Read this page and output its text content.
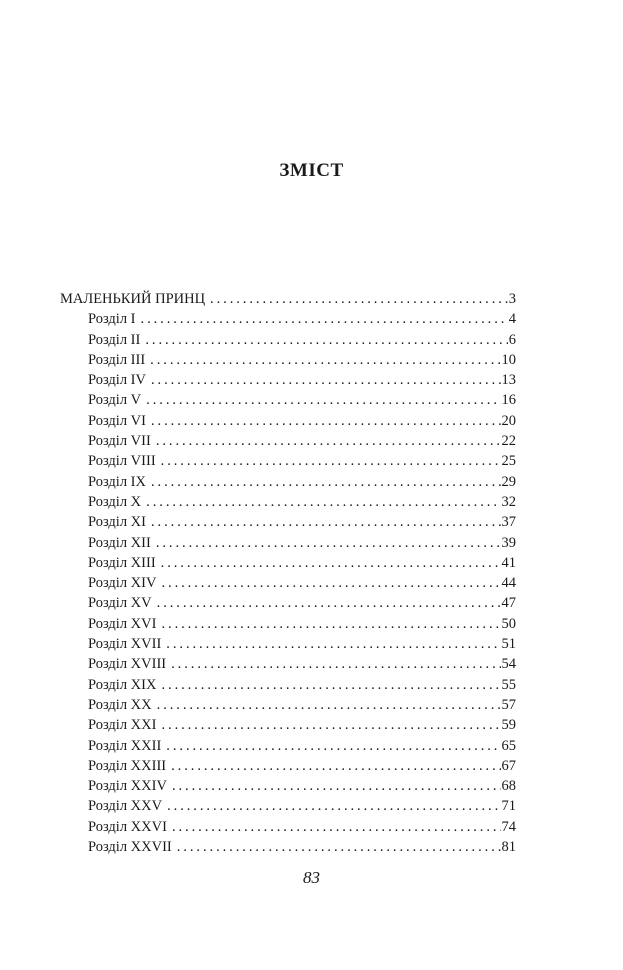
ЗМІСТ
МАЛЕНЬКИЙ ПРИНЦ . . .	3
Розділ I . . .	4
Розділ II . . .	6
Розділ III . . .	10
Розділ IV . . .	13
Розділ V . . .	16
Розділ VI . . .	20
Розділ VII . . .	22
Розділ VIII . . .	25
Розділ IX . . .	29
Розділ X . . .	32
Розділ XI . . .	37
Розділ XII . . .	39
Розділ XIII . . .	41
Розділ XIV . . .	44
Розділ XV . . .	47
Розділ XVI . . .	50
Розділ XVII . . .	51
Розділ XVIII . . .	54
Розділ XIX . . .	55
Розділ XX . . .	57
Розділ XXI . . .	59
Розділ XXII . . .	65
Розділ XXIII . . .	67
Розділ XXIV . . .	68
Розділ XXV . . .	71
Розділ XXVI . . .	74
Розділ XXVII . . .	81
83
